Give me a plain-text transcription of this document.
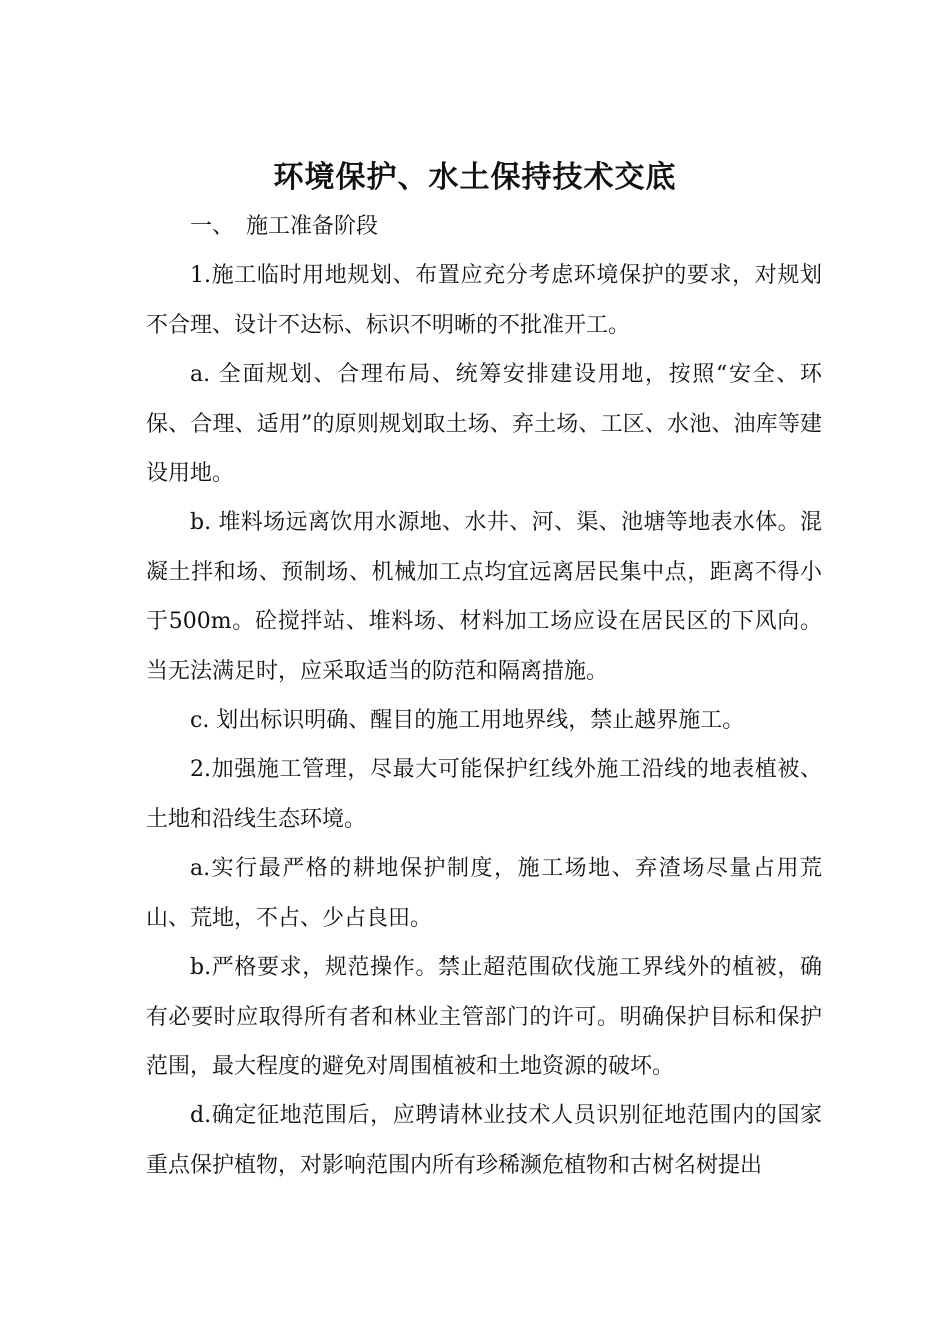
环境保护、水土保持技术交底

一、 施工准备阶段

1.施工临时用地规划、布置应充分考虑环境保护的要求，对规划不合理、设计不达标、标识不明晰的不批准开工。

a. 全面规划、合理布局、统筹安排建设用地，按照“安全、环保、合理、适用”的原则规划取土场、弃土场、工区、水池、油库等建设用地。

b. 堆料场远离饮用水源地、水井、河、渠、池塘等地表水体。混凝土拌和场、预制场、机械加工点均宜远离居民集中点，距离不得小于500m。砼搅拌站、堆料场、材料加工场应设在居民区的下风向。当无法满足时，应采取适当的防范和隔离措施。

c. 划出标识明确、醒目的施工用地界线，禁止越界施工。

2.加强施工管理，尽最大可能保护红线外施工沿线的地表植被、土地和沿线生态环境。

a.实行最严格的耕地保护制度，施工场地、弃渣场尽量占用荒山、荒地，不占、少占良田。

b.严格要求，规范操作。禁止超范围砍伐施工界线外的植被，确有必要时应取得所有者和林业主管部门的许可。明确保护目标和保护范围，最大程度的避免对周围植被和土地资源的破坏。

d.确定征地范围后，应聘请林业技术人员识别征地范围内的国家重点保护植物，对影响范围内所有珍稀濒危植物和古树名树提出
